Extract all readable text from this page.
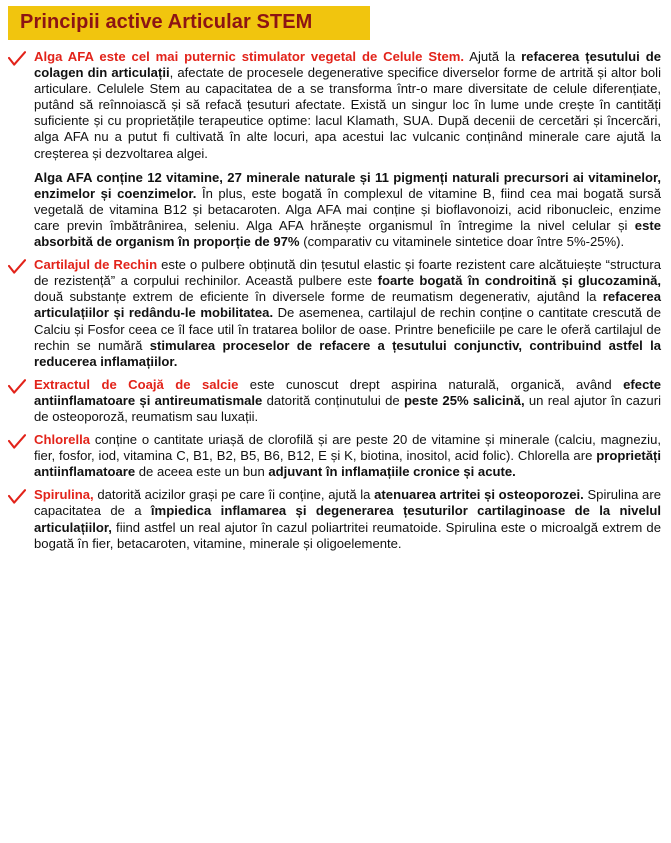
Principii active Articular STEM

Alga AFA este cel mai puternic stimulator vegetal de Celule Stem. Ajută la refacerea țesutului de colagen din articulații, afectate de procesele degenerative specifice diverselor forme de artrită și altor boli articulare. Celulele Stem au capacitatea de a se transforma într-o mare diversitate de celule diferențiate, putând să reînnoiască și să refacă țesuturi afectate. Există un singur loc în lume unde crește în cantități suficiente și cu proprietățile terapeutice optime: lacul Klamath, SUA. După decenii de cercetări și încercări, alga AFA nu a putut fi cultivată în alte locuri, apa acestui lac vulcanic conținând minerale care ajută la creșterea și dezvoltarea algei.

Alga AFA conține 12 vitamine, 27 minerale naturale și 11 pigmenți naturali precursori ai vitaminelor, enzimelor și coenzimelor. În plus, este bogată în complexul de vitamine B, fiind cea mai bogată sursă vegetală de vitamina B12 și betacaroten. Alga AFA mai conține și bioflavonoizi, acid ribonucleic, enzime care previn îmbătrânirea, seleniu. Alga AFA hrănește organismul în întregime la nivel celular și este absorbită de organism în proporție de 97% (comparativ cu vitaminele sintetice doar între 5%-25%).

Cartilajul de Rechin este o pulbere obținută din țesutul elastic și foarte rezistent care alcătuiește “structura de rezistență” a corpului rechinilor. Această pulbere este foarte bogată în condroitină și glucozamină, două substanțe extrem de eficiente în diversele forme de reumatism degenerativ, ajutând la refacerea articulațiilor și redându-le mobilitatea. De asemenea, cartilajul de rechin conține o cantitate crescută de Calciu și Fosfor ceea ce îl face util în tratarea bolilor de oase. Printre beneficiile pe care le oferă cartilajul de rechin se numără stimularea proceselor de refacere a țesutului conjunctiv, contribuind astfel la reducerea inflamațiilor.

Extractul de Coajă de salcie este cunoscut drept aspirina naturală, organică, având efecte antiinflamatoare și antireumatismale datorită conținutului de peste 25% salicină, un real ajutor în cazuri de osteoporoză, reumatism sau luxații.

Chlorella conține o cantitate uriașă de clorofilă și are peste 20 de vitamine și minerale (calciu, magneziu, fier, fosfor, iod, vitamina C, B1, B2, B5, B6, B12, E și K, biotina, inositol, acid folic). Chlorella are proprietăți antiinflamatoare de aceea este un bun adjuvant în inflamațiile cronice și acute.

Spirulina, datorită acizilor grași pe care îi conține, ajută la atenuarea artritei și osteoporozei. Spirulina are capacitatea de a împiedica inflamarea și degenerarea țesuturilor cartilaginoase de la nivelul articulațiilor, fiind astfel un real ajutor în cazul poliartritei reumatoide. Spirulina este o microalgă extrem de bogată în fier, betacaroten, vitamine, minerale și oligoelemente.
